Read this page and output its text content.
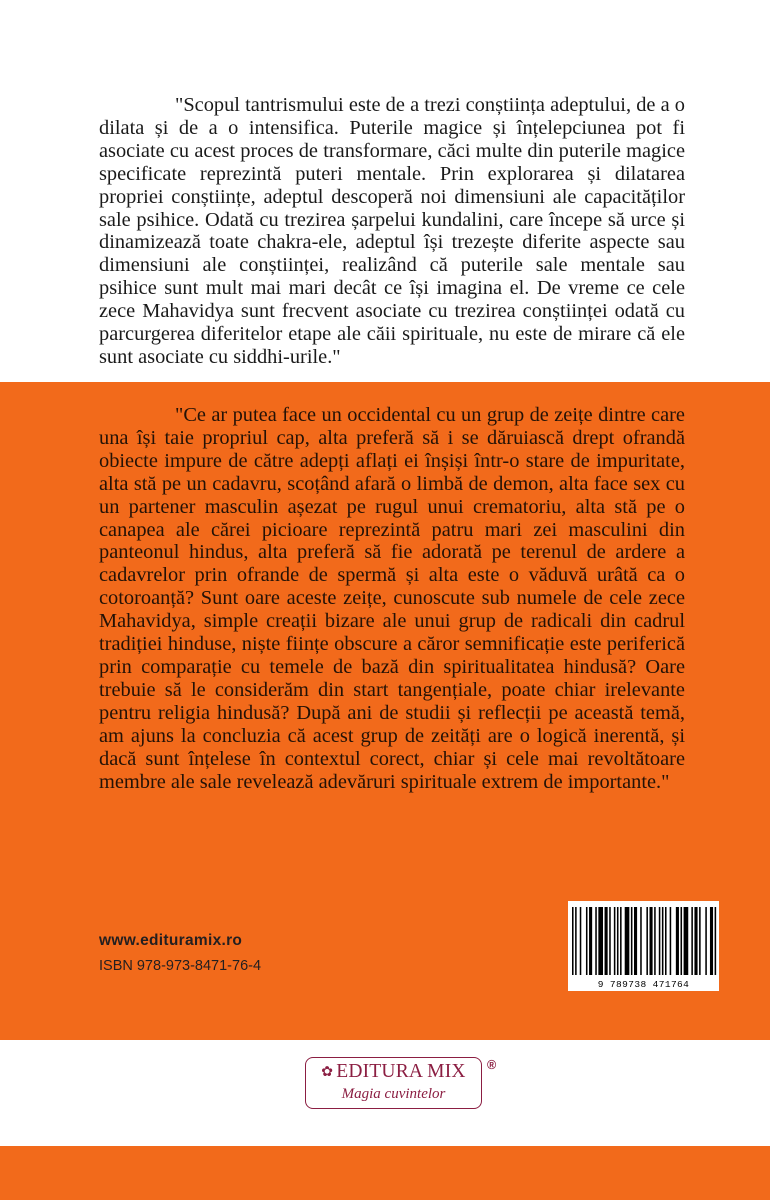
"Scopul tantrismului este de a trezi conștiința adeptului, de a o dilata și de a o intensifica. Puterile magice și înțelepciunea pot fi asociate cu acest proces de transformare, căci multe din puterile magice specificate reprezintă puteri mentale. Prin explorarea și dilatarea propriei conștiințe, adeptul descoperă noi dimensiuni ale capacităților sale psihice. Odată cu trezirea șarpelui kundalini, care începe să urce și dinamizează toate chakra-ele, adeptul își trezește diferite aspecte sau dimensiuni ale conștiinței, realizând că puterile sale mentale sau psihice sunt mult mai mari decât ce își imagina el. De vreme ce cele zece Mahavidya sunt frecvent asociate cu trezirea conștiinței odată cu parcurgerea diferitelor etape ale căii spirituale, nu este de mirare că ele sunt asociate cu siddhi-urile."

"Ce ar putea face un occidental cu un grup de zeițe dintre care una își taie propriul cap, alta preferă să i se dăruiască drept ofrandă obiecte impure de către adepți aflați ei înșiși într-o stare de impuritate, alta stă pe un cadavru, scoțând afară o limbă de demon, alta face sex cu un partener masculin așezat pe rugul unui crematoriu, alta stă pe o canapea ale cărei picioare reprezintă patru mari zei masculini din panteonul hindus, alta preferă să fie adorată pe terenul de ardere a cadavrelor prin ofrande de spermă și alta este o văduvă urâtă ca o cotoroanță? Sunt oare aceste zeițe, cunoscute sub numele de cele zece Mahavidya, simple creații bizare ale unui grup de radicali din cadrul tradiției hinduse, niște ființe obscure a căror semnificație este periferică prin comparație cu temele de bază din spiritualitatea hindusă? Oare trebuie să le considerăm din start tangențiale, poate chiar irelevante pentru religia hindusă? După ani de studii și reflecții pe această temă, am ajuns la concluzia că acest grup de zeități are o logică inerentă, și dacă sunt înțelese în contextul corect, chiar și cele mai revoltătoare membre ale sale revelează adevăruri spirituale extrem de importante."

www.edituramix.ro

ISBN 978-973-8471-76-4

9 789738 471764
✿ EDITURA MIX
Magia cuvintelor
®
